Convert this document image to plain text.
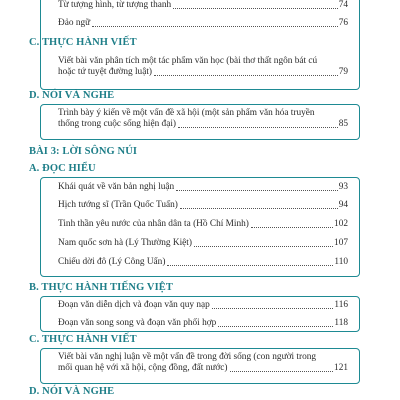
Từ tượng hình, từ tượng thanh	74
Đảo ngữ	76
C. THỰC HÀNH VIẾT
Viết bài văn phân tích một tác phẩm văn học (bài thơ thất ngôn bát cú
hoặc tứ tuyệt đường luật)	79
D. NÓI VÀ NGHE
Trình bày ý kiến về một vấn đề xã hội (một sản phẩm văn hóa truyền
thống trong cuộc sống hiện đại)	85
BÀI 3: LỜI SÔNG NÚI
A. ĐỌC HIỂU
Khái quát về văn bản nghị luận	93
Hịch tướng sĩ (Trần Quốc Tuấn)	94
Tinh thần yêu nước của nhân dân ta (Hồ Chí Minh)	102
Nam quốc sơn hà (Lý Thường Kiệt)	107
Chiếu dời đô (Lý Công Uẩn)	110
B. THỰC HÀNH TIẾNG VIỆT
Đoạn văn diễn dịch và đoạn văn quy nạp	116
Đoạn văn song song và đoạn văn phối hợp	118
C. THỰC HÀNH VIẾT
Viết bài văn nghị luận về một vấn đề trong đời sống (con người trong
mối quan hệ với xã hội, cộng đồng, đất nước)	121
D. NÓI VÀ NGHE
